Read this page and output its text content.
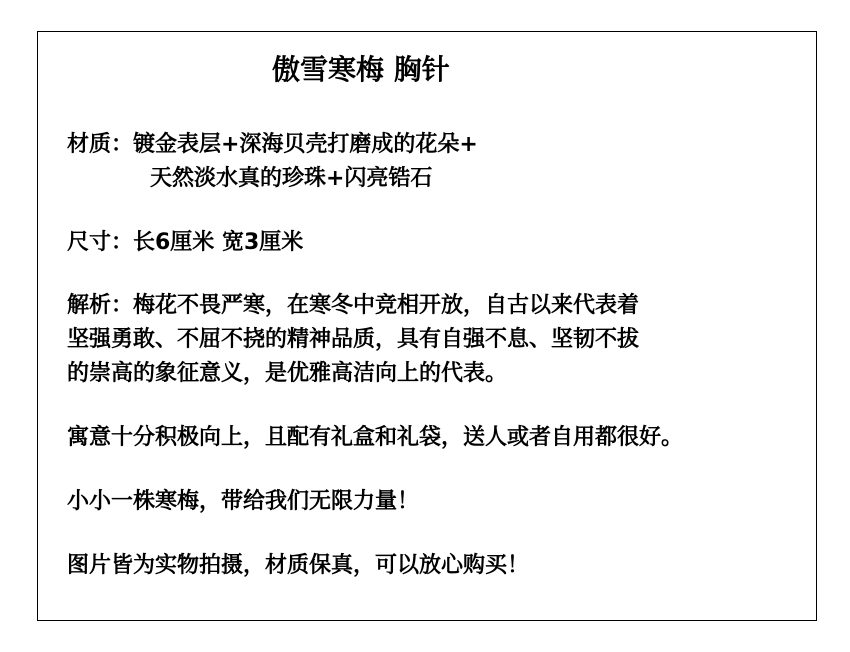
傲雪寒梅 胸针
材质：镀金表层+深海贝壳打磨成的花朵+
天然淡水真的珍珠+闪亮锆石
尺寸：长6厘米 宽3厘米
解析：梅花不畏严寒，在寒冬中竞相开放，自古以来代表着
坚强勇敢、不屈不挠的精神品质，具有自强不息、坚韧不拔
的崇高的象征意义，是优雅高洁向上的代表。
寓意十分积极向上，且配有礼盒和礼袋，送人或者自用都很好。
小小一株寒梅，带给我们无限力量！
图片皆为实物拍摄，材质保真，可以放心购买！
